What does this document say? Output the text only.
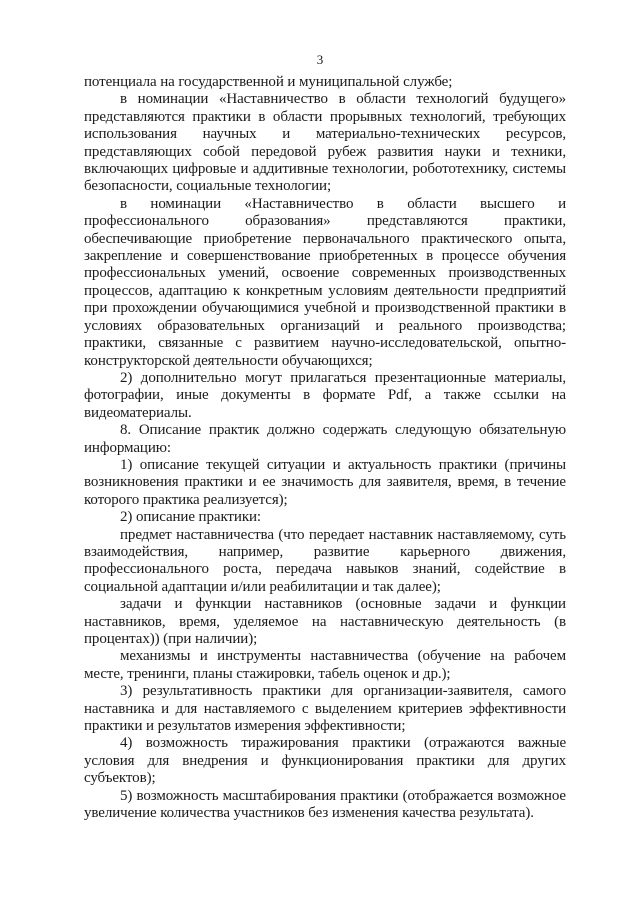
3

потенциала на государственной и муниципальной службе;

в номинации «Наставничество в области технологий будущего» представляются практики в области прорывных технологий, требующих использования научных и материально-технических ресурсов, представляющих собой передовой рубеж развития науки и техники, включающих цифровые и аддитивные технологии, робототехнику, системы безопасности, социальные технологии;

в номинации «Наставничество в области высшего и профессионального образования» представляются практики, обеспечивающие приобретение первоначального практического опыта, закрепление и совершенствование приобретенных в процессе обучения профессиональных умений, освоение современных производственных процессов, адаптацию к конкретным условиям деятельности предприятий при прохождении обучающимися учебной и производственной практики в условиях образовательных организаций и реального производства; практики, связанные с развитием научно-исследовательской, опытно-конструкторской деятельности обучающихся;

2) дополнительно могут прилагаться презентационные материалы, фотографии, иные документы в формате Pdf, а также ссылки на видеоматериалы.

8. Описание практик должно содержать следующую обязательную информацию:

1) описание текущей ситуации и актуальность практики (причины возникновения практики и ее значимость для заявителя, время, в течение которого практика реализуется);

2) описание практики:

предмет наставничества (что передает наставник наставляемому, суть взаимодействия, например, развитие карьерного движения, профессионального роста, передача навыков знаний, содействие в социальной адаптации и/или реабилитации и так далее);

задачи и функции наставников (основные задачи и функции наставников, время, уделяемое на наставническую деятельность (в процентах)) (при наличии);

механизмы и инструменты наставничества (обучение на рабочем месте, тренинги, планы стажировки, табель оценок и др.);

3) результативность практики для организации-заявителя, самого наставника и для наставляемого с выделением критериев эффективности практики и результатов измерения эффективности;

4) возможность тиражирования практики (отражаются важные условия для внедрения и функционирования практики для других субъектов);

5) возможность масштабирования практики (отображается возможное увеличение количества участников без изменения качества результата).
